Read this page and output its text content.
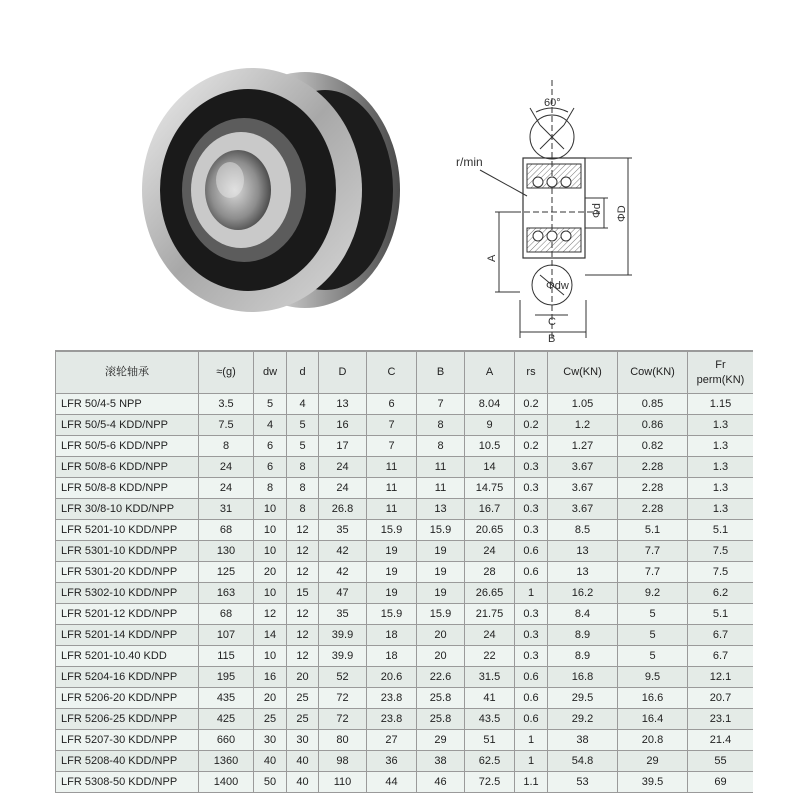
60°
r/min
Φd ΦD
A
Φdw
C
B
滚轮轴承	≈(g)	dw	d	D	C	B	A	rs	Cw(KN)	Cow(KN)	Fr
perm(KN)
LFR 50/4-5 NPP	3.5	5	4	13	6	7	8.04	0.2	1.05	0.85	1.15
LFR 50/5-4 KDD/NPP	7.5	4	5	16	7	8	9	0.2	1.2	0.86	1.3
LFR 50/5-6 KDD/NPP	8	6	5	17	7	8	10.5	0.2	1.27	0.82	1.3
LFR 50/8-6 KDD/NPP	24	6	8	24	11	11	14	0.3	3.67	2.28	1.3
LFR 50/8-8 KDD/NPP	24	8	8	24	11	11	14.75	0.3	3.67	2.28	1.3
LFR 30/8-10 KDD/NPP	31	10	8	26.8	11	13	16.7	0.3	3.67	2.28	1.3
LFR 5201-10 KDD/NPP	68	10	12	35	15.9	15.9	20.65	0.3	8.5	5.1	5.1
LFR 5301-10 KDD/NPP	130	10	12	42	19	19	24	0.6	13	7.7	7.5
LFR 5301-20 KDD/NPP	125	20	12	42	19	19	28	0.6	13	7.7	7.5
LFR 5302-10 KDD/NPP	163	10	15	47	19	19	26.65	1	16.2	9.2	6.2
LFR 5201-12 KDD/NPP	68	12	12	35	15.9	15.9	21.75	0.3	8.4	5	5.1
LFR 5201-14 KDD/NPP	107	14	12	39.9	18	20	24	0.3	8.9	5	6.7
LFR 5201-10.40 KDD	115	10	12	39.9	18	20	22	0.3	8.9	5	6.7
LFR 5204-16 KDD/NPP	195	16	20	52	20.6	22.6	31.5	0.6	16.8	9.5	12.1
LFR 5206-20 KDD/NPP	435	20	25	72	23.8	25.8	41	0.6	29.5	16.6	20.7
LFR 5206-25 KDD/NPP	425	25	25	72	23.8	25.8	43.5	0.6	29.2	16.4	23.1
LFR 5207-30 KDD/NPP	660	30	30	80	27	29	51	1	38	20.8	21.4
LFR 5208-40 KDD/NPP	1360	40	40	98	36	38	62.5	1	54.8	29	55
LFR 5308-50 KDD/NPP	1400	50	40	110	44	46	72.5	1.1	53	39.5	69
